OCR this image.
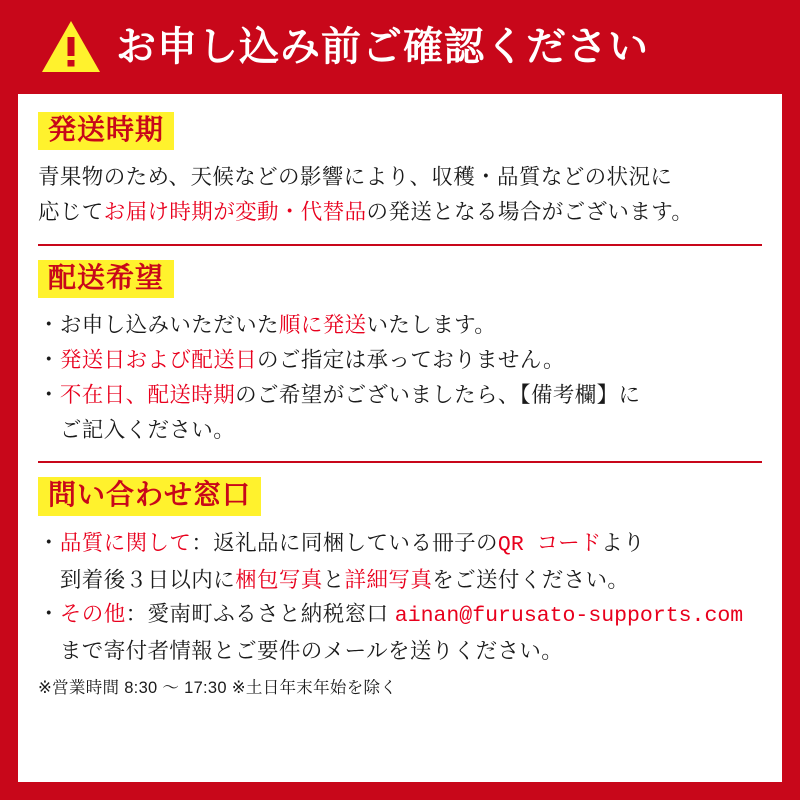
お申し込み前ご確認ください
発送時期
青果物のため、天候などの影響により、収穫・品質などの状況に
応じてお届け時期が変動・代替品の発送となる場合がございます。
配送希望
・ お申し込みいただいた順に発送いたします。
・ 発送日および配送日のご指定は承っておりません。
・ 不在日、配送時期のご希望がございましたら、【備考欄】に
ご記入ください。
問い合わせ窓口
・ 品質に関して：返礼品に同梱している冊子のQR コードより
到着後３日以内に梱包写真と詳細写真をご送付ください。
・ その他：愛南町ふるさと納税窓口 ainan@furusato-supports.com
まで寄付者情報とご要件のメールを送りください。
※営業時間 8:30 〜 17:30 ※土日年末年始を除く
